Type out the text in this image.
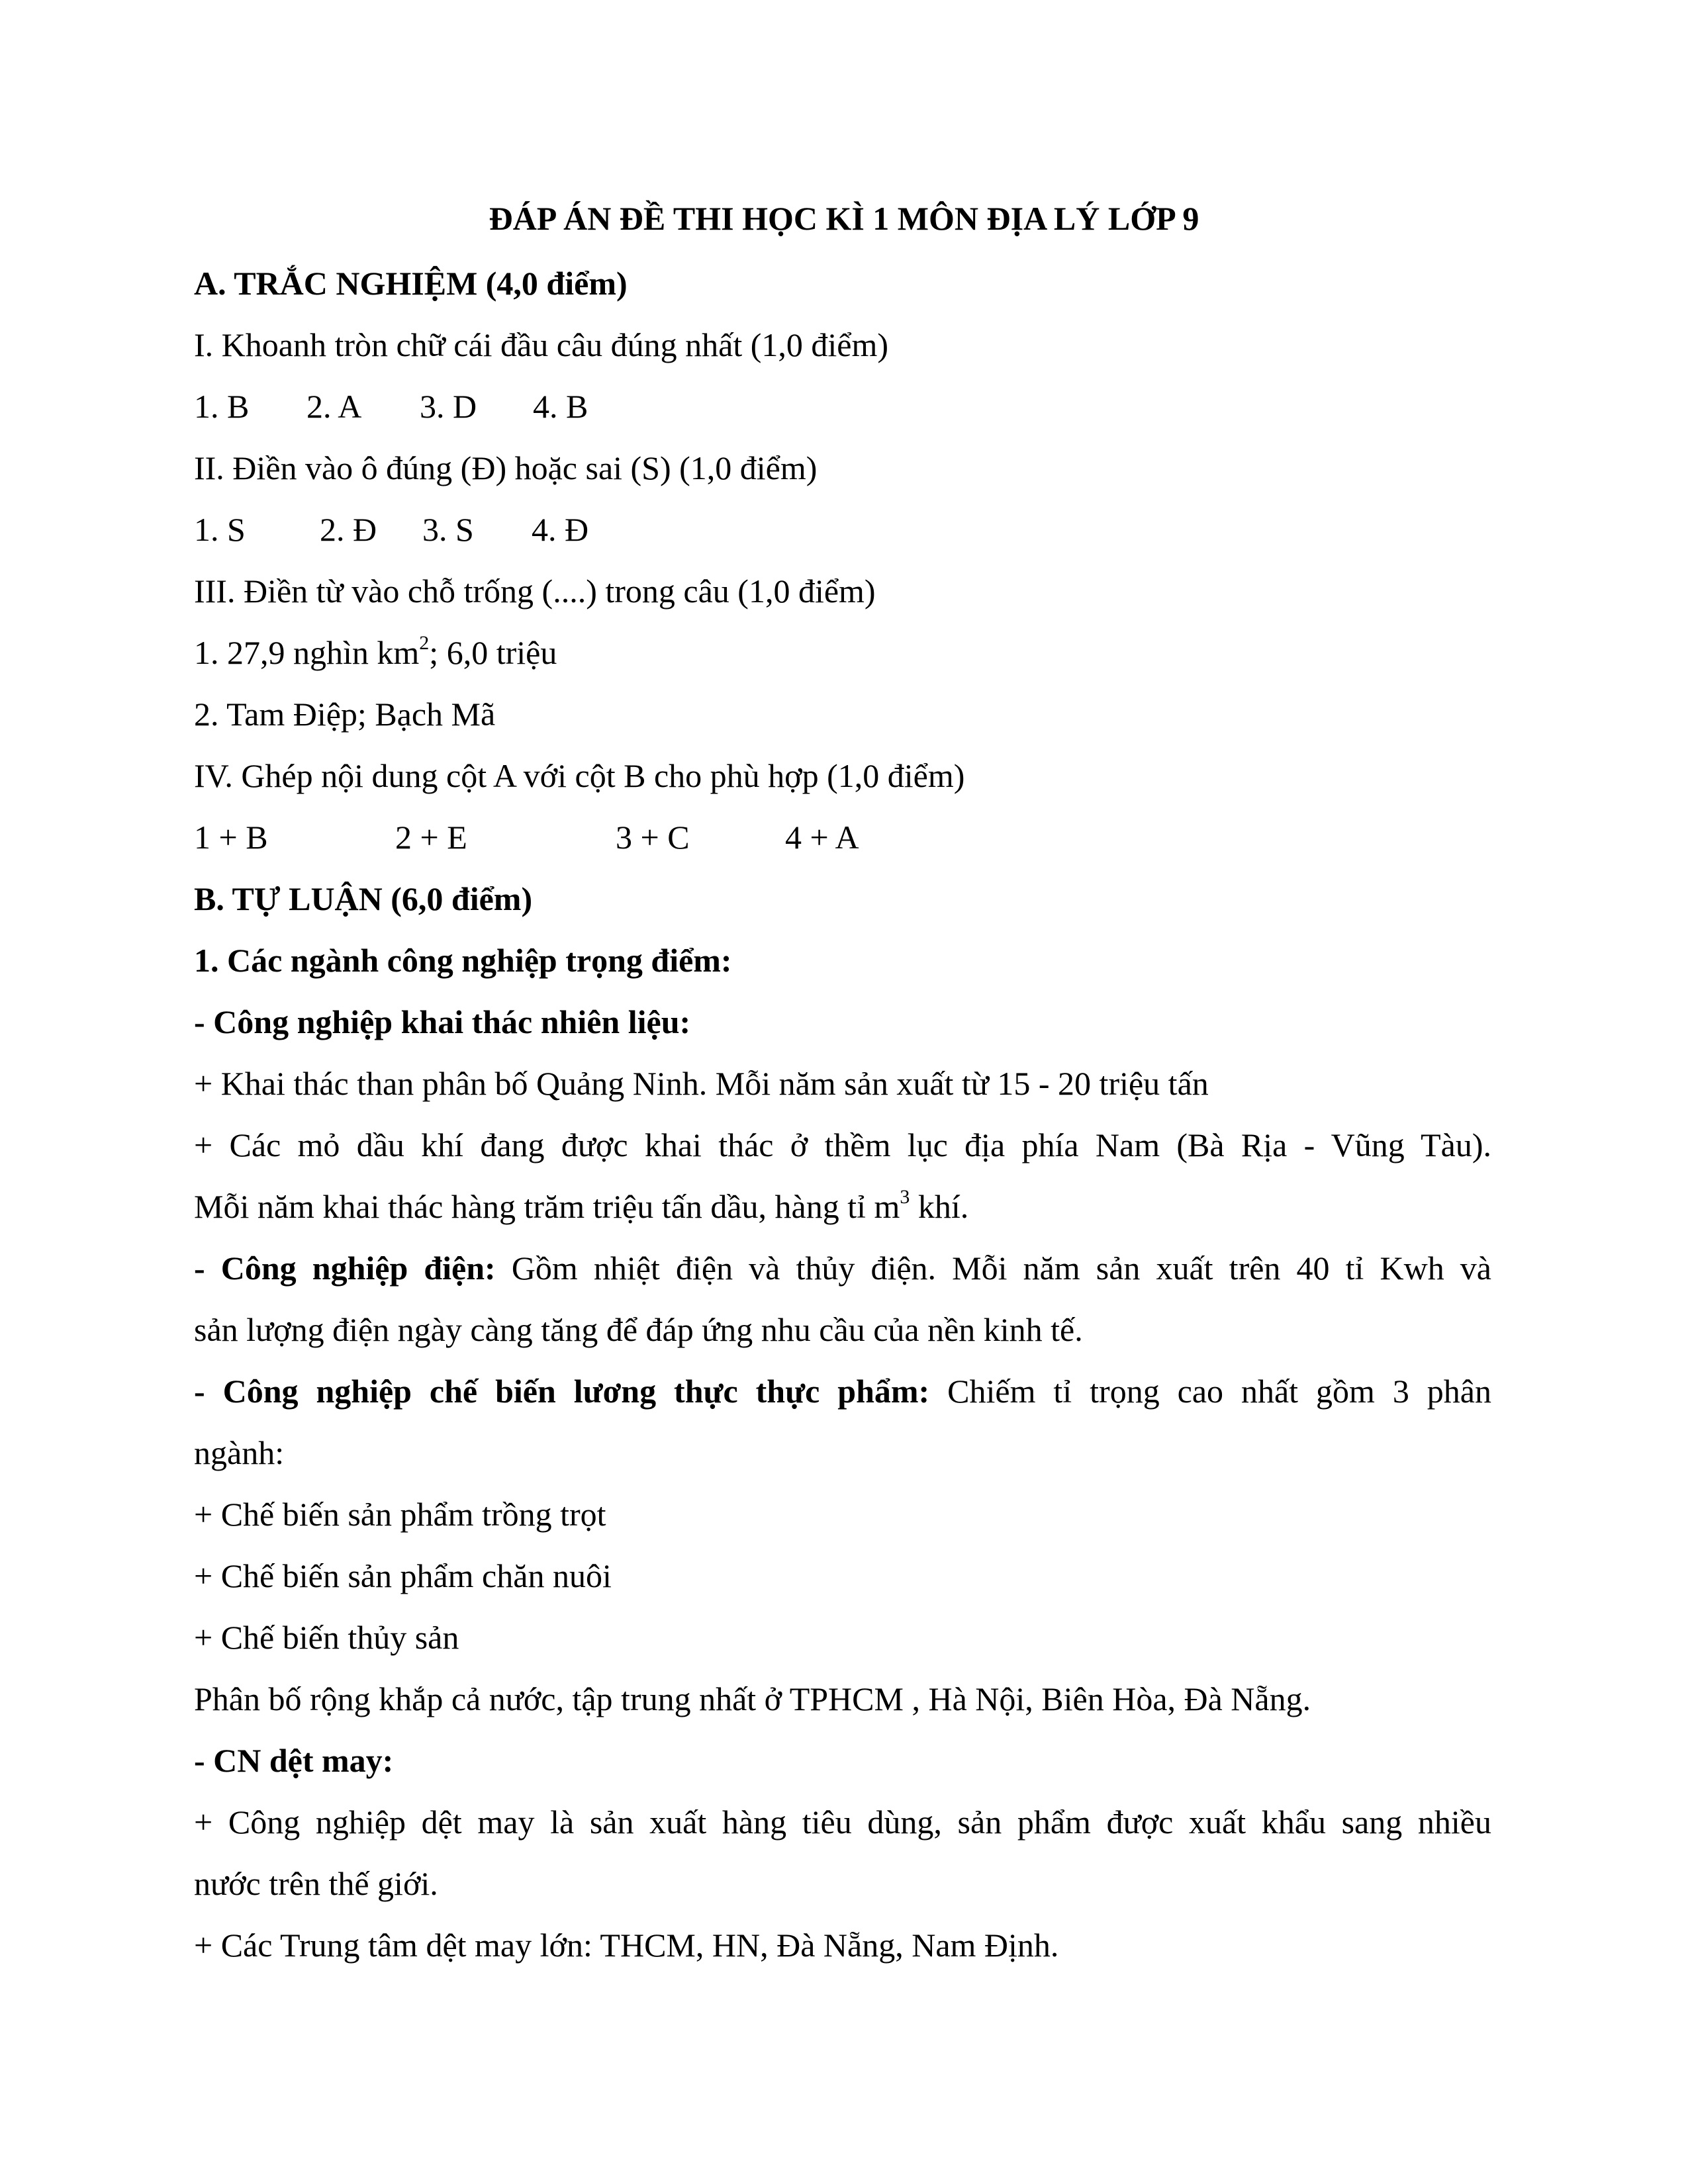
ĐÁP ÁN ĐỀ THI HỌC KÌ 1 MÔN ĐỊA LÝ LỚP 9
A. TRẮC NGHIỆM (4,0 điểm)
I. Khoanh tròn chữ cái đầu câu đúng nhất (1,0 điểm)
1. B 2. A 3. D 4. B
II. Điền vào ô đúng (Đ) hoặc sai (S) (1,0 điểm)
1. S 2. Đ 3. S 4. Đ
III. Điền từ vào chỗ trống (....) trong câu (1,0 điểm)
1. 27,9 nghìn $km^2$; 6,0 triệu
2. Tam Điệp; Bạch Mã
IV. Ghép nội dung cột A với cột B cho phù hợp (1,0 điểm)
1 + B	2 + E	3 + C	4 + A
B. TỰ LUẬN (6,0 điểm)
1. Các ngành công nghiệp trọng điểm:
- Công nghiệp khai thác nhiên liệu:
+ Khai thác than phân bố Quảng Ninh. Mỗi năm sản xuất từ 15 - 20 triệu tấn
+ Các mỏ dầu khí đang được khai thác ở thềm lục địa phía Nam (Bà Rịa - Vũng Tàu).
Mỗi năm khai thác hàng trăm triệu tấn dầu, hàng tỉ $m^3$ khí.
- Công nghiệp điện: Gồm nhiệt điện và thủy điện. Mỗi năm sản xuất trên 40 tỉ Kwh và
sản lượng điện ngày càng tăng để đáp ứng nhu cầu của nền kinh tế.
- Công nghiệp chế biến lương thực thực phẩm: Chiếm tỉ trọng cao nhất gồm 3 phân
ngành:
+ Chế biến sản phẩm trồng trọt
+ Chế biến sản phẩm chăn nuôi
+ Chế biến thủy sản
Phân bố rộng khắp cả nước, tập trung nhất ở TPHCM , Hà Nội, Biên Hòa, Đà Nẵng.
- CN dệt may:
+ Công nghiệp dệt may là sản xuất hàng tiêu dùng, sản phẩm được xuất khẩu sang nhiều
nước trên thế giới.
+ Các Trung tâm dệt may lớn: THCM, HN, Đà Nẵng, Nam Định.
